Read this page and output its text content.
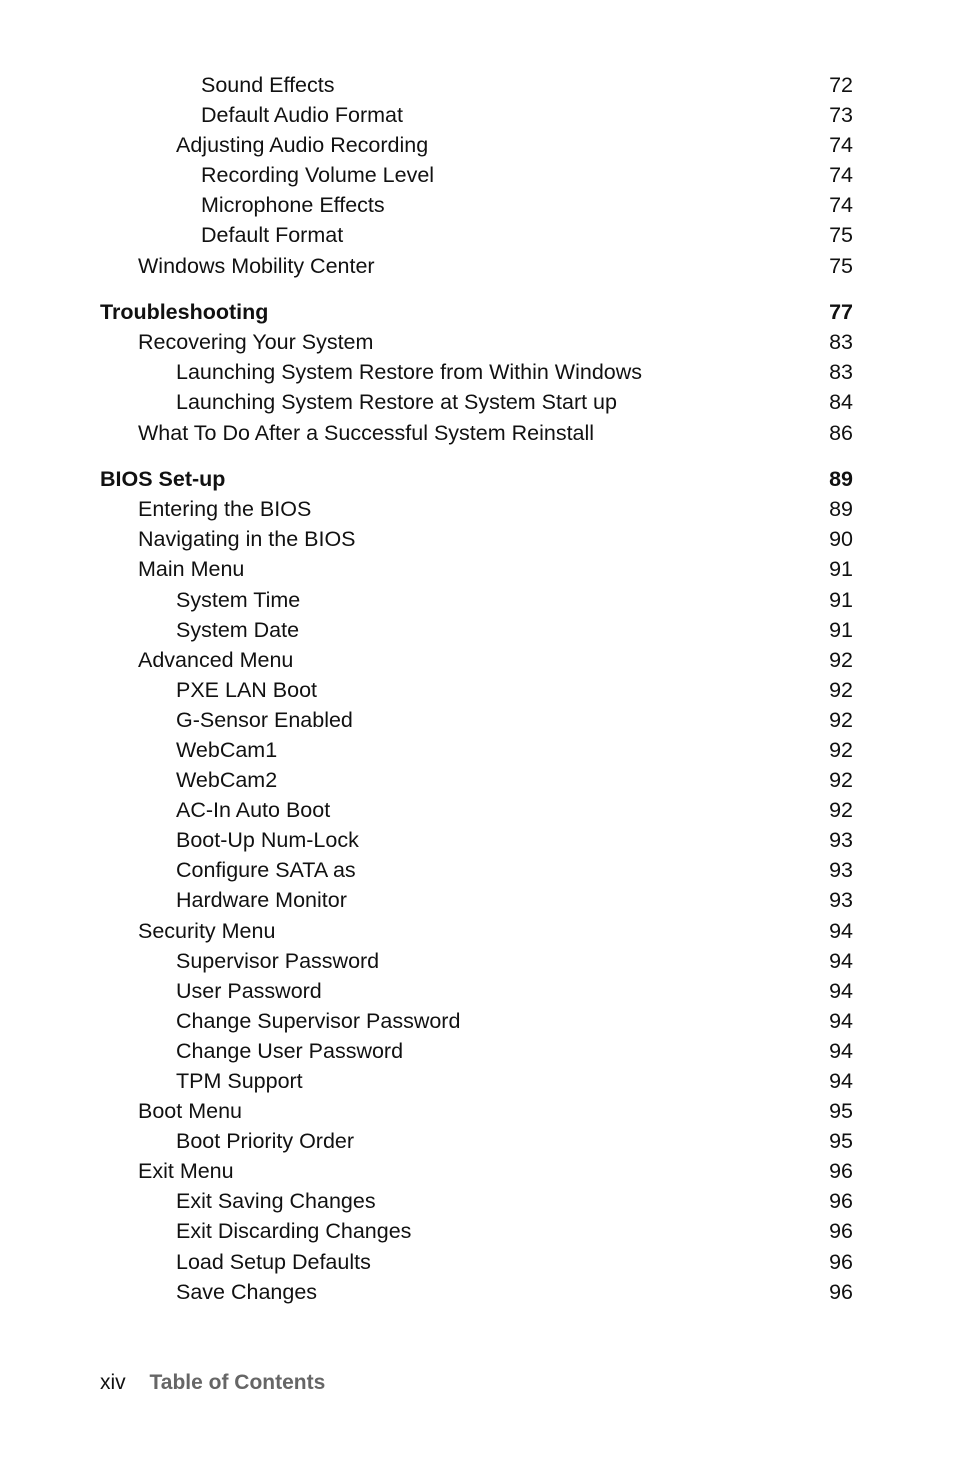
Sound Effects	72
Default Audio Format	73
Adjusting Audio Recording	74
Recording Volume Level	74
Microphone Effects	74
Default Format	75
Windows Mobility Center	75
Troubleshooting	77
Recovering Your System	83
Launching System Restore from Within Windows	83
Launching System Restore at System Start up	84
What To Do After a Successful System Reinstall	86
BIOS Set-up	89
Entering the BIOS	89
Navigating in the BIOS	90
Main Menu	91
System Time	91
System Date	91
Advanced Menu	92
PXE LAN Boot	92
G-Sensor Enabled	92
WebCam1	92
WebCam2	92
AC-In Auto Boot	92
Boot-Up Num-Lock	93
Configure SATA as	93
Hardware Monitor	93
Security Menu	94
Supervisor Password	94
User Password	94
Change Supervisor Password	94
Change User Password	94
TPM Support	94
Boot Menu	95
Boot Priority Order	95
Exit Menu	96
Exit Saving Changes	96
Exit Discarding Changes	96
Load Setup Defaults	96
Save Changes	96
xiv Table of Contents
